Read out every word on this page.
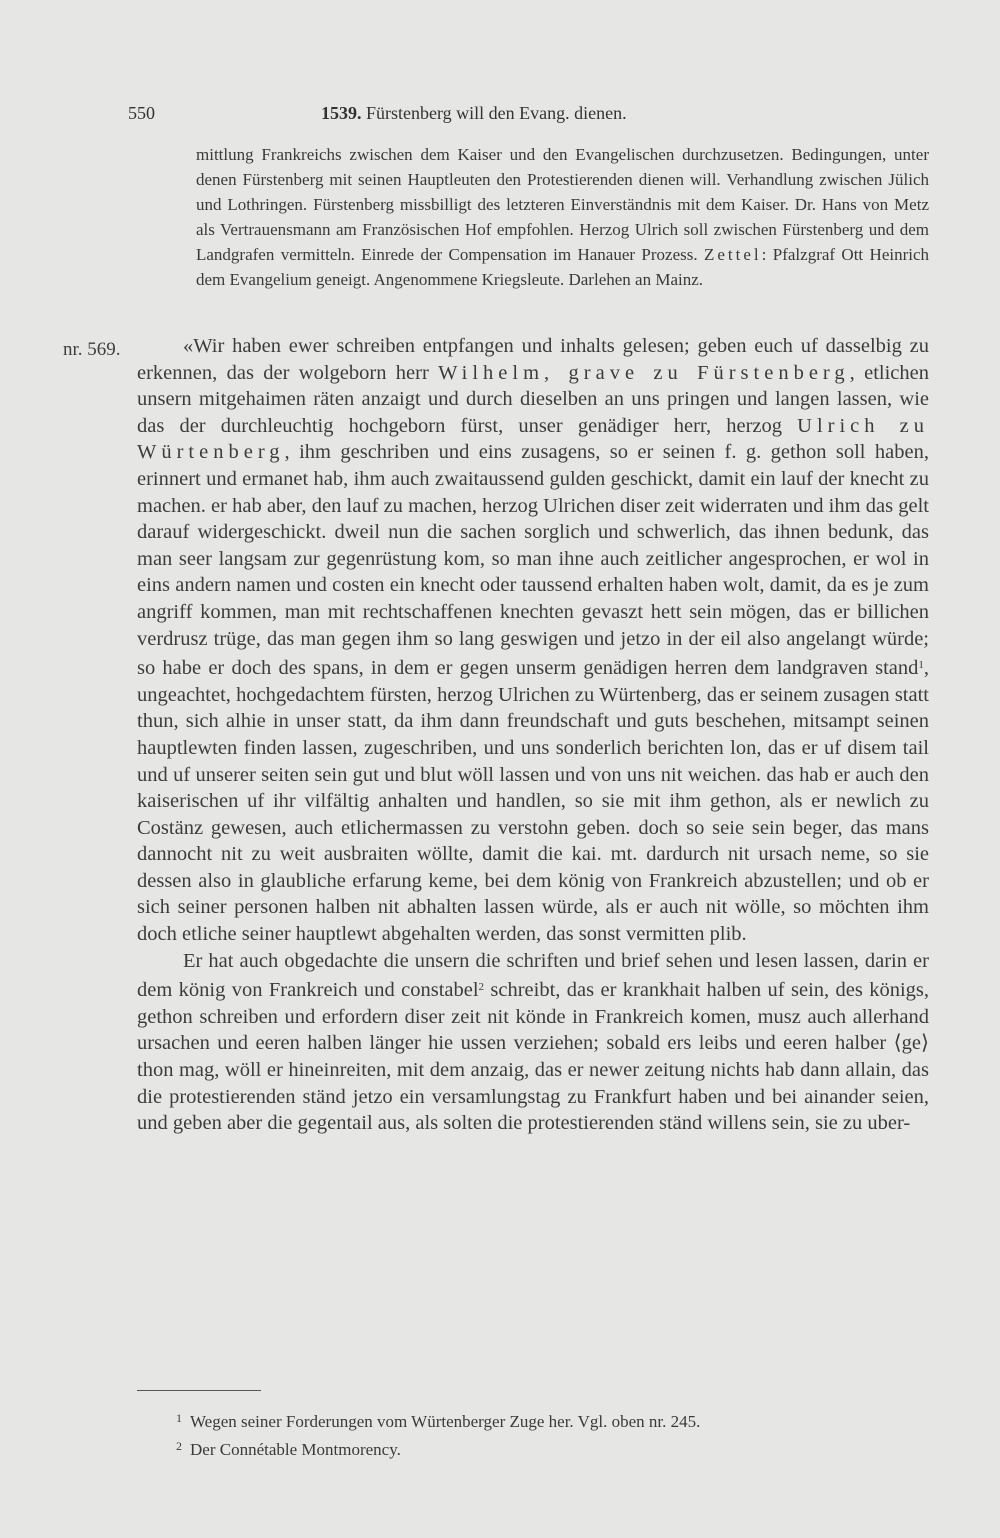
550	1539. Fürstenberg will den Evang. dienen.
mittlung Frankreichs zwischen dem Kaiser und den Evangelischen durchzusetzen. Bedingungen, unter denen Fürstenberg mit seinen Hauptleuten den Protestierenden dienen will. Verhandlung zwischen Jülich und Lothringen. Fürstenberg missbilligt des letzteren Einverständnis mit dem Kaiser. Dr. Hans von Metz als Vertrauensmann am Französischen Hof empfohlen. Herzog Ulrich soll zwischen Fürstenberg und dem Landgrafen vermitteln. Einrede der Compensation im Hanauer Prozess. Zettel: Pfalzgraf Ott Heinrich dem Evangelium geneigt. Angenommene Kriegsleute. Darlehen an Mainz.
nr. 569.	«Wir haben ewer schreiben entpfangen und inhalts gelesen; geben euch uf dasselbig zu erkennen, das der wolgeborn herr Wilhelm, grave zu Fürstenberg, etlichen unsern mitgehaimen räten anzaigt und durch dieselben an uns pringen und langen lassen, wie das der durchleuchtig hochgeborn fürst, unser genädiger herr, herzog Ulrich zu Würtenberg, ihm geschriben und eins zusagens, so er seinen f. g. gethon soll haben, erinnert und ermanet hab, ihm auch zwaitaussend gulden geschickt, damit ein lauf der knecht zu machen. er hab aber, den lauf zu machen, herzog Ulrichen diser zeit widerraten und ihm das gelt darauf widergeschickt. dweil nun die sachen sorglich und schwerlich, das ihnen bedunk, das man seer langsam zur gegenrüstung kom, so man ihne auch zeitlicher angesprochen, er wol in eins andern namen und costen ein knecht oder taussend erhalten haben wolt, damit, da es je zum angriff kommen, man mit rechtschaffenen knechten gevaszt hett sein mögen, das er billichen verdrusz trüge, das man gegen ihm so lang geswigen und jetzo in der eil also angelangt würde; so habe er doch des spans, in dem er gegen unserm genädigen herren dem landgraven stand$^1$, ungeachtet, hochgedachtem fürsten, herzog Ulrichen zu Würtenberg, das er seinem zusagen statt thun, sich alhie in unser statt, da ihm dann freundschaft und guts beschehen, mitsampt seinen hauptlewten finden lassen, zugeschriben, und uns sonderlich berichten lon, das er uf disem tail und uf unserer seiten sein gut und blut wöll lassen und von uns nit weichen. das hab er auch den kaiserischen uf ihr vilfältig anhalten und handlen, so sie mit ihm gethon, als er newlich zu Costänz gewesen, auch etlichermassen zu verstohn geben. doch so seie sein beger, das mans dannocht nit zu weit ausbraiten wöllte, damit die kai. mt. dardurch nit ursach neme, so sie dessen also in glaubliche erfarung keme, bei dem könig von Frankreich abzustellen; und ob er sich seiner personen halben nit abhalten lassen würde, als er auch nit wölle, so möchten ihm doch etliche seiner hauptlewt abgehalten werden, das sonst vermitten plib.

Er hat auch obgedachte die unsern die schriften und brief sehen und lesen lassen, darin er dem könig von Frankreich und constabel$^2$ schreibt, das er krankhait halben uf sein, des königs, gethon schreiben und erfordern diser zeit nit könde in Frankreich komen, musz auch allerhand ursachen und eeren halben länger hie ussen verziehen; sobald ers leibs und eeren halber ⟨ge⟩thon mag, wöll er hineinreiten, mit dem anzaig, das er newer zeitung nichts hab dann allain, das die protestierenden ständ jetzo ein versamlungstag zu Frankfurt haben und bei ainander seien, und geben aber die gegentail aus, als solten die protestierenden ständ willens sein, sie zu uber-

$^1$ Wegen seiner Forderungen vom Würtenberger Zuge her. Vgl. oben nr. 245.
$^2$ Der Connétable Montmorency.
